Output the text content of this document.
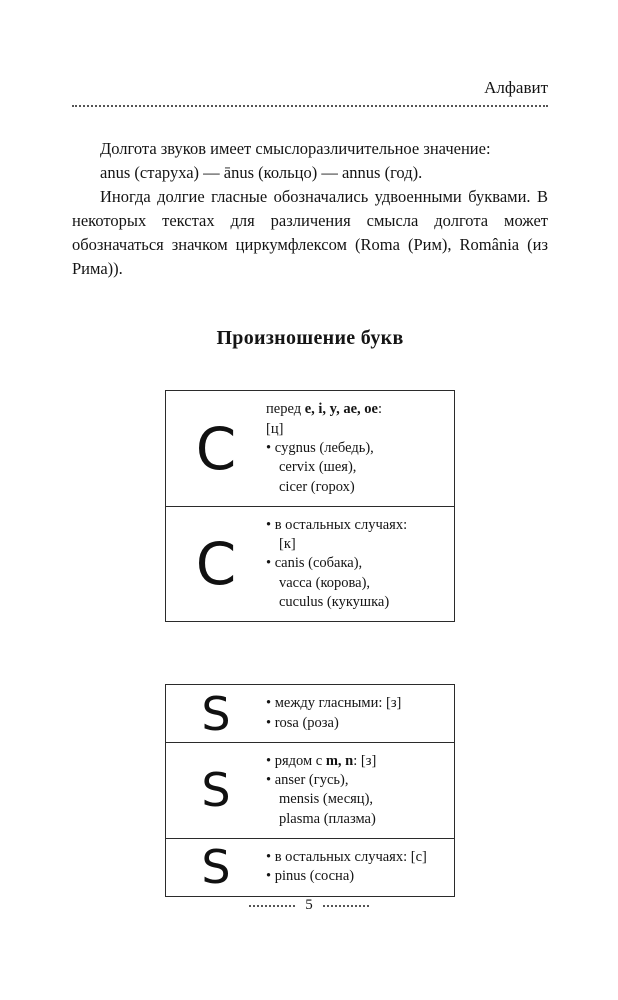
Алфавит

Долгота звуков имеет смыслоразличительное значение:

anus (старуха) — ānus (кольцо) — annus (год).

Иногда долгие гласные обозначались удвоенными буквами. В некоторых текстах для различения смысла долгота может обозначаться значком циркумфлексом (Roma (Рим), România (из Рима)).

Произношение букв
C
перед e, i, y, ae, oe:
[ц]
• cygnus (лебедь),
cervix (шея),
cicer (горох)
C
• в остальных случаях:
[к]
• canis (собака),
vacca (корова),
cuculus (кукушка)
S	• между гласными: [з]
• rosa (роза)
S
• рядом с m, n: [з]
• anser (гусь),
mensis (месяц),
plasma (плазма)
S	• в остальных случаях: [с]
• pinus (сосна)
5
